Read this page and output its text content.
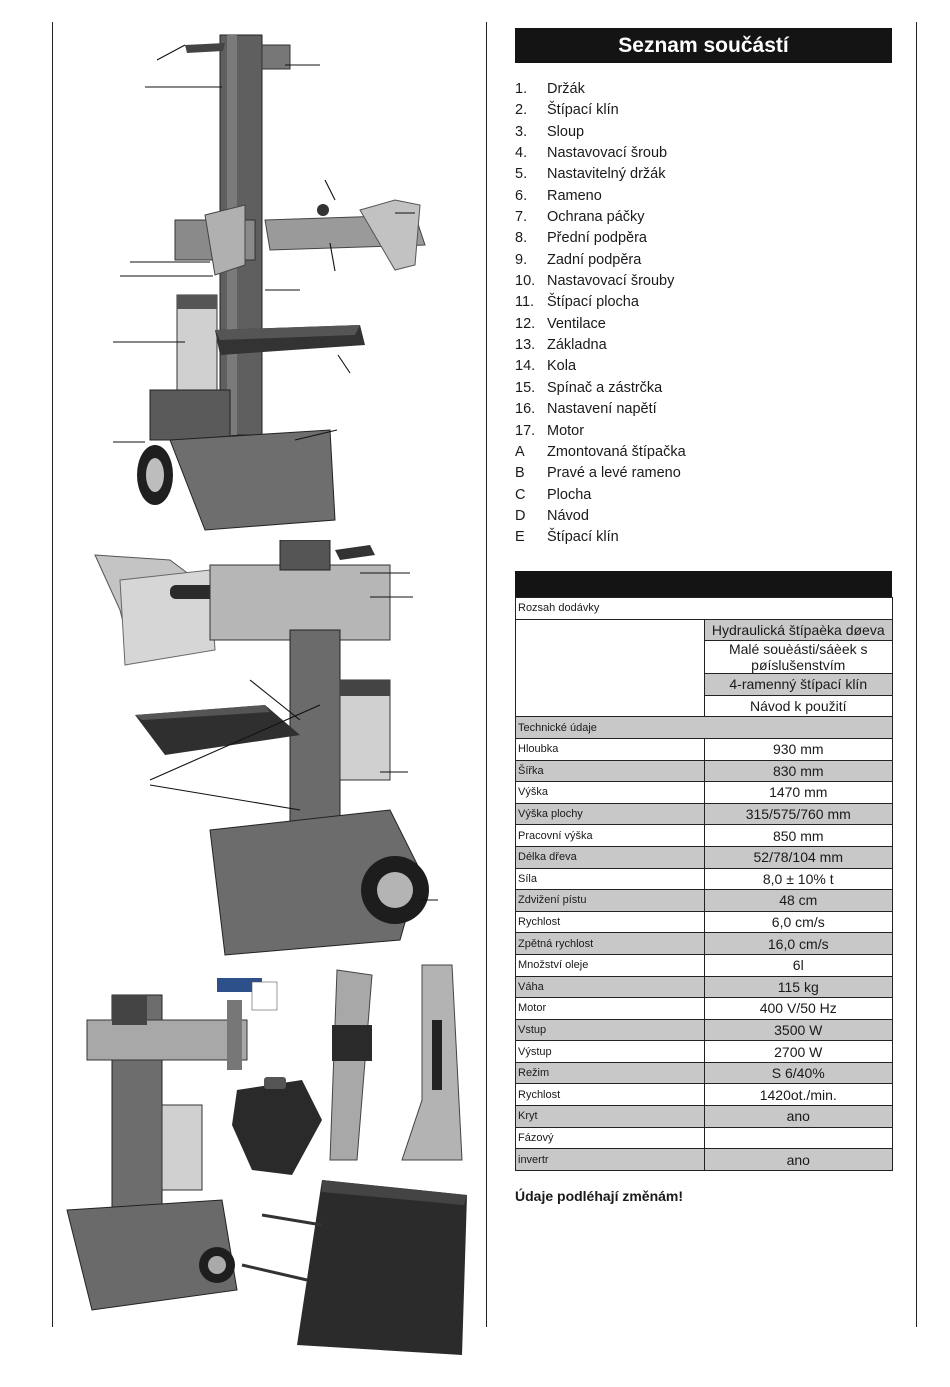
Seznam součástí
1. Držák
2. Štípací klín
3. Sloup
4. Nastavovací šroub
5. Nastavitelný držák
6. Rameno
7. Ochrana páčky
8. Přední podpěra
9. Zadní podpěra
10. Nastavovací šrouby
11. Štípací plocha
12. Ventilace
13. Základna
14. Kola
15. Spínač a zástrčka
16. Nastavení napětí
17. Motor
A Zmontovaná štípačka
B Pravé a levé rameno
C Plocha
D Návod
E Štípací klín
Rozsah dodávky	
	Hydraulická štípaèka døeva
	Malé souèásti/sáèek s pøíslušenstvím
	4-ramenný štípací klín
	Návod k použití
Technické údaje	
Hloubka	930 mm
Šířka	830 mm
Výška	1470 mm
Výška plochy	315/575/760 mm
Pracovní výška	850 mm
Délka dřeva	52/78/104 mm
Síla	8,0 ± 10% t
Zdvižení pístu	48 cm
Rychlost	6,0 cm/s
Zpětná rychlost	16,0 cm/s
Množství oleje	6l
Váha	115 kg
Motor	400 V/50 Hz
Vstup	3500 W
Výstup	2700 W
Režim	S 6/40%
Rychlost	1420ot./min.
Kryt	ano
Fázový	
invertr	ano
Údaje podléhají změnám!
